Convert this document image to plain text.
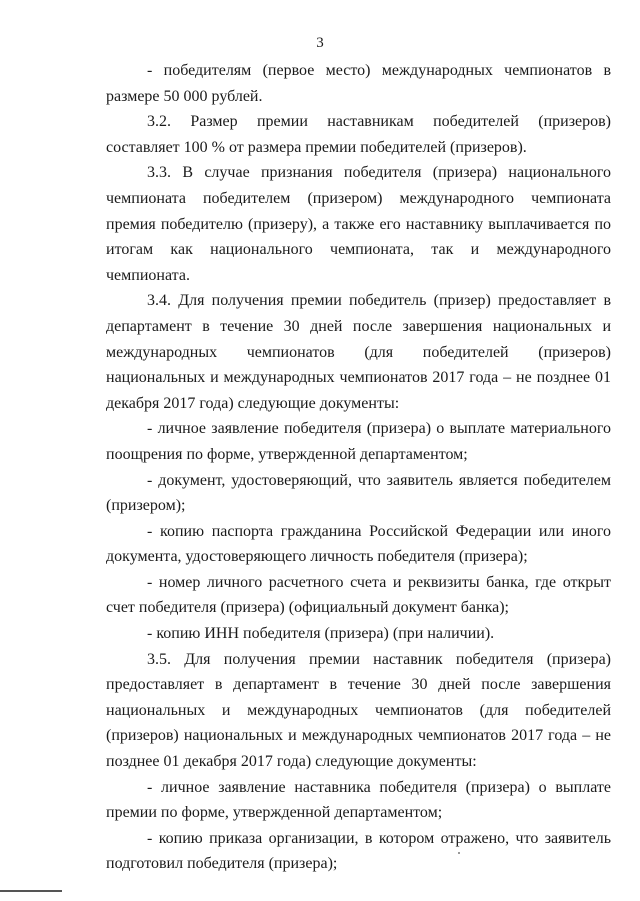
3

- победителям (первое место) международных чемпионатов в размере 50 000 рублей.

3.2. Размер премии наставникам победителей (призеров) составляет 100 % от размера премии победителей (призеров).

3.3. В случае признания победителя (призера) национального чемпионата победителем (призером) международного чемпионата премия победителю (призеру), а также его наставнику выплачивается по итогам как национального чемпионата, так и международного чемпионата.

3.4. Для получения премии победитель (призер) предоставляет в департамент в течение 30 дней после завершения национальных и международных чемпионатов (для победителей (призеров) национальных и международных чемпионатов 2017 года – не позднее 01 декабря 2017 года) следующие документы:

- личное заявление победителя (призера) о выплате материального поощрения по форме, утвержденной департаментом;

- документ, удостоверяющий, что заявитель является победителем (призером);

- копию паспорта гражданина Российской Федерации или иного документа, удостоверяющего личность победителя (призера);

- номер личного расчетного счета и реквизиты банка, где открыт счет победителя (призера) (официальный документ банка);

- копию ИНН победителя (призера) (при наличии).

3.5. Для получения премии наставник победителя (призера) предоставляет в департамент в течение 30 дней после завершения национальных и международных чемпионатов (для победителей (призеров) национальных и международных чемпионатов 2017 года – не позднее 01 декабря 2017 года) следующие документы:

- личное заявление наставника победителя (призера) о выплате премии по форме, утвержденной департаментом;

- копию приказа организации, в котором отражено, что заявитель подготовил победителя (призера);
